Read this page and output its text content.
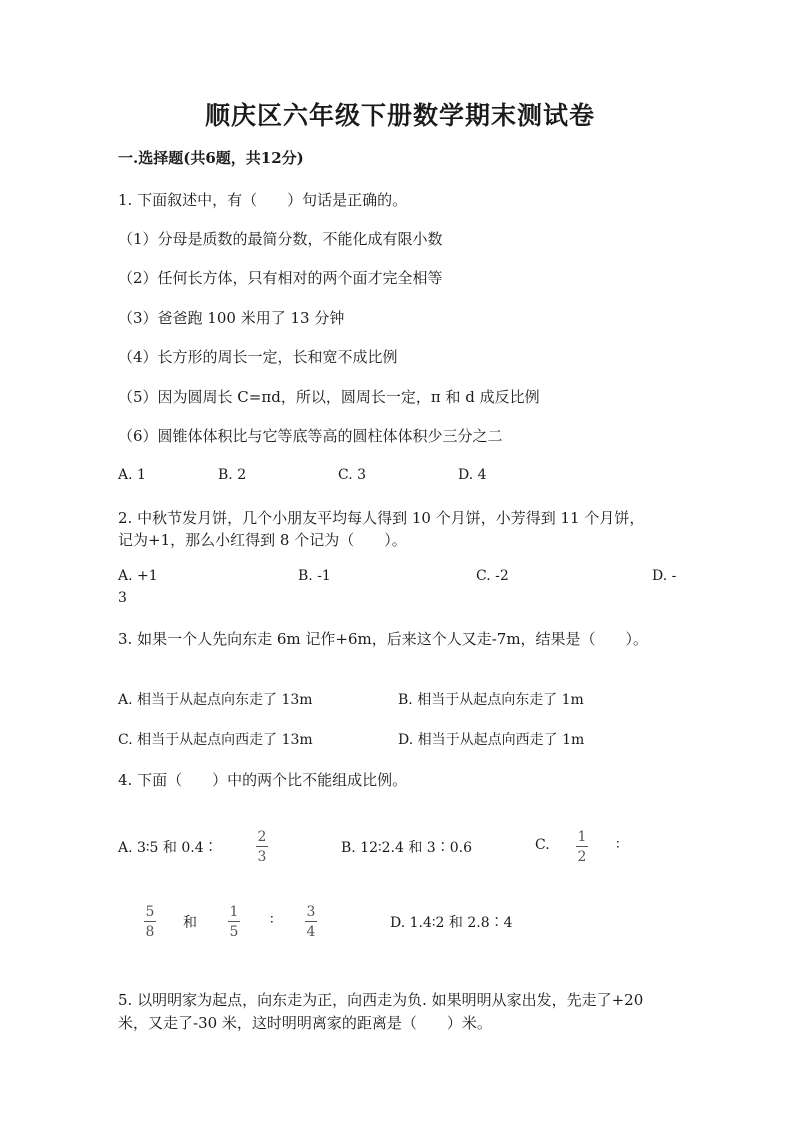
顺庆区六年级下册数学期末测试卷
一.选择题(共6题，共12分)
1. 下面叙述中，有（　　）句话是正确的。
（1）分母是质数的最简分数，不能化成有限小数
（2）任何长方体，只有相对的两个面才完全相等
（3）爸爸跑 100 米用了 13 分钟
（4）长方形的周长一定，长和宽不成比例
（5）因为圆周长 C=πd，所以，圆周长一定，π 和 d 成反比例
（6）圆锥体体积比与它等底等高的圆柱体体积少三分之二
A. 1	B. 2	C. 3	D. 4
2. 中秋节发月饼，几个小朋友平均每人得到 10 个月饼，小芳得到 11 个月饼，
记为+1，那么小红得到 8 个记为（　　）。
A. +1	B. -1	C. -2	D. -
3
3. 如果一个人先向东走 6m 记作+6m，后来这个人又走-7m，结果是（　　）。
A. 相当于从起点向东走了 13m	B. 相当于从起点向东走了 1m
C. 相当于从起点向西走了 13m	D. 相当于从起点向西走了 1m
4. 下面（　　）中的两个比不能组成比例。
A. 3∶5 和 0.4∶
2
3
B. 12∶2.4 和 3∶0.6	C. 1
2
∶
5
8
和
1
5
∶ 3
4
D. 1.4∶2 和 2.8∶4
5. 以明明家为起点，向东走为正，向西走为负. 如果明明从家出发，先走了+20
米，又走了-30 米，这时明明离家的距离是（　　）米。
